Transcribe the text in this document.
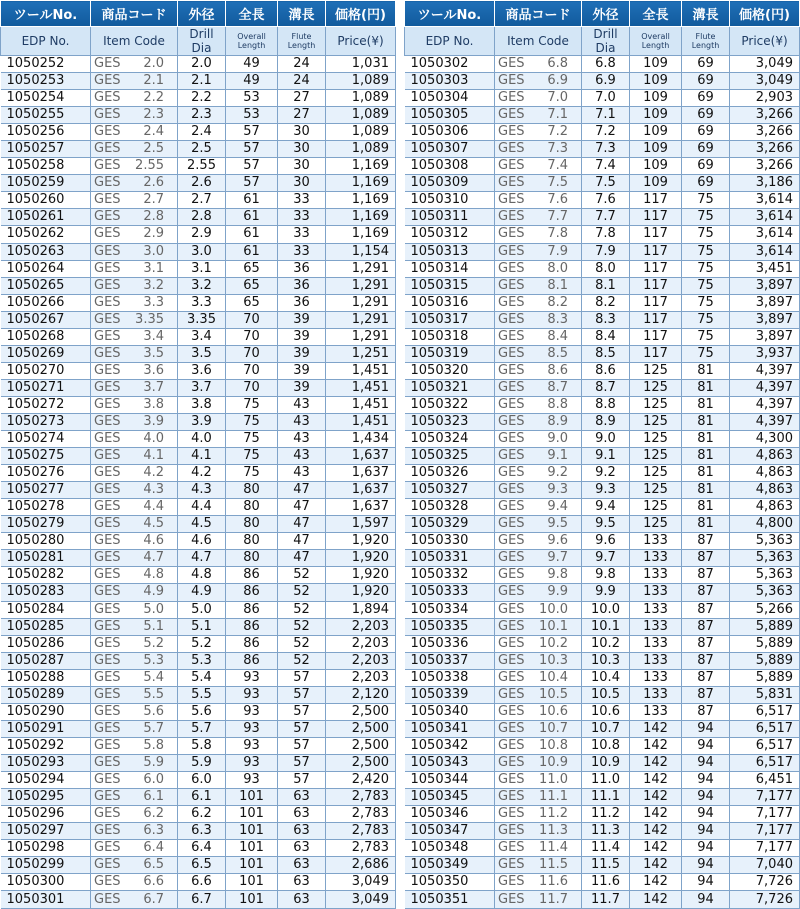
ツールNo.	商品コード	外径	全長	溝長	価格(円)
EDP No.	Item Code	Drill Dia	Overall Length	Flute Length	Price(¥)
1050252	GES 2.0	2.0	49	24	1,031
1050253	GES 2.1	2.1	49	24	1,089
1050254	GES 2.2	2.2	53	27	1,089
1050255	GES 2.3	2.3	53	27	1,089
1050256	GES 2.4	2.4	57	30	1,089
1050257	GES 2.5	2.5	57	30	1,089
1050258	GES 2.55	2.55	57	30	1,169
1050259	GES 2.6	2.6	57	30	1,169
1050260	GES 2.7	2.7	61	33	1,169
1050261	GES 2.8	2.8	61	33	1,169
1050262	GES 2.9	2.9	61	33	1,169
1050263	GES 3.0	3.0	61	33	1,154
1050264	GES 3.1	3.1	65	36	1,291
1050265	GES 3.2	3.2	65	36	1,291
1050266	GES 3.3	3.3	65	36	1,291
1050267	GES 3.35	3.35	70	39	1,291
1050268	GES 3.4	3.4	70	39	1,291
1050269	GES 3.5	3.5	70	39	1,251
1050270	GES 3.6	3.6	70	39	1,451
1050271	GES 3.7	3.7	70	39	1,451
1050272	GES 3.8	3.8	75	43	1,451
1050273	GES 3.9	3.9	75	43	1,451
1050274	GES 4.0	4.0	75	43	1,434
1050275	GES 4.1	4.1	75	43	1,637
1050276	GES 4.2	4.2	75	43	1,637
1050277	GES 4.3	4.3	80	47	1,637
1050278	GES 4.4	4.4	80	47	1,637
1050279	GES 4.5	4.5	80	47	1,597
1050280	GES 4.6	4.6	80	47	1,920
1050281	GES 4.7	4.7	80	47	1,920
1050282	GES 4.8	4.8	86	52	1,920
1050283	GES 4.9	4.9	86	52	1,920
1050284	GES 5.0	5.0	86	52	1,894
1050285	GES 5.1	5.1	86	52	2,203
1050286	GES 5.2	5.2	86	52	2,203
1050287	GES 5.3	5.3	86	52	2,203
1050288	GES 5.4	5.4	93	57	2,203
1050289	GES 5.5	5.5	93	57	2,120
1050290	GES 5.6	5.6	93	57	2,500
1050291	GES 5.7	5.7	93	57	2,500
1050292	GES 5.8	5.8	93	57	2,500
1050293	GES 5.9	5.9	93	57	2,500
1050294	GES 6.0	6.0	93	57	2,420
1050295	GES 6.1	6.1	101	63	2,783
1050296	GES 6.2	6.2	101	63	2,783
1050297	GES 6.3	6.3	101	63	2,783
1050298	GES 6.4	6.4	101	63	2,783
1050299	GES 6.5	6.5	101	63	2,686
1050300	GES 6.6	6.6	101	63	3,049
1050301	GES 6.7	6.7	101	63	3,049
ツールNo.	商品コード	外径	全長	溝長	価格(円)
EDP No.	Item Code	Drill Dia	Overall Length	Flute Length	Price(¥)
1050302	GES 6.8	6.8	109	69	3,049
1050303	GES 6.9	6.9	109	69	3,049
1050304	GES 7.0	7.0	109	69	2,903
1050305	GES 7.1	7.1	109	69	3,266
1050306	GES 7.2	7.2	109	69	3,266
1050307	GES 7.3	7.3	109	69	3,266
1050308	GES 7.4	7.4	109	69	3,266
1050309	GES 7.5	7.5	109	69	3,186
1050310	GES 7.6	7.6	117	75	3,614
1050311	GES 7.7	7.7	117	75	3,614
1050312	GES 7.8	7.8	117	75	3,614
1050313	GES 7.9	7.9	117	75	3,614
1050314	GES 8.0	8.0	117	75	3,451
1050315	GES 8.1	8.1	117	75	3,897
1050316	GES 8.2	8.2	117	75	3,897
1050317	GES 8.3	8.3	117	75	3,897
1050318	GES 8.4	8.4	117	75	3,897
1050319	GES 8.5	8.5	117	75	3,937
1050320	GES 8.6	8.6	125	81	4,397
1050321	GES 8.7	8.7	125	81	4,397
1050322	GES 8.8	8.8	125	81	4,397
1050323	GES 8.9	8.9	125	81	4,397
1050324	GES 9.0	9.0	125	81	4,300
1050325	GES 9.1	9.1	125	81	4,863
1050326	GES 9.2	9.2	125	81	4,863
1050327	GES 9.3	9.3	125	81	4,863
1050328	GES 9.4	9.4	125	81	4,863
1050329	GES 9.5	9.5	125	81	4,800
1050330	GES 9.6	9.6	133	87	5,363
1050331	GES 9.7	9.7	133	87	5,363
1050332	GES 9.8	9.8	133	87	5,363
1050333	GES 9.9	9.9	133	87	5,363
1050334	GES 10.0	10.0	133	87	5,266
1050335	GES 10.1	10.1	133	87	5,889
1050336	GES 10.2	10.2	133	87	5,889
1050337	GES 10.3	10.3	133	87	5,889
1050338	GES 10.4	10.4	133	87	5,889
1050339	GES 10.5	10.5	133	87	5,831
1050340	GES 10.6	10.6	133	87	6,517
1050341	GES 10.7	10.7	142	94	6,517
1050342	GES 10.8	10.8	142	94	6,517
1050343	GES 10.9	10.9	142	94	6,517
1050344	GES 11.0	11.0	142	94	6,451
1050345	GES 11.1	11.1	142	94	7,177
1050346	GES 11.2	11.2	142	94	7,177
1050347	GES 11.3	11.3	142	94	7,177
1050348	GES 11.4	11.4	142	94	7,177
1050349	GES 11.5	11.5	142	94	7,040
1050350	GES 11.6	11.6	142	94	7,726
1050351	GES 11.7	11.7	142	94	7,726
